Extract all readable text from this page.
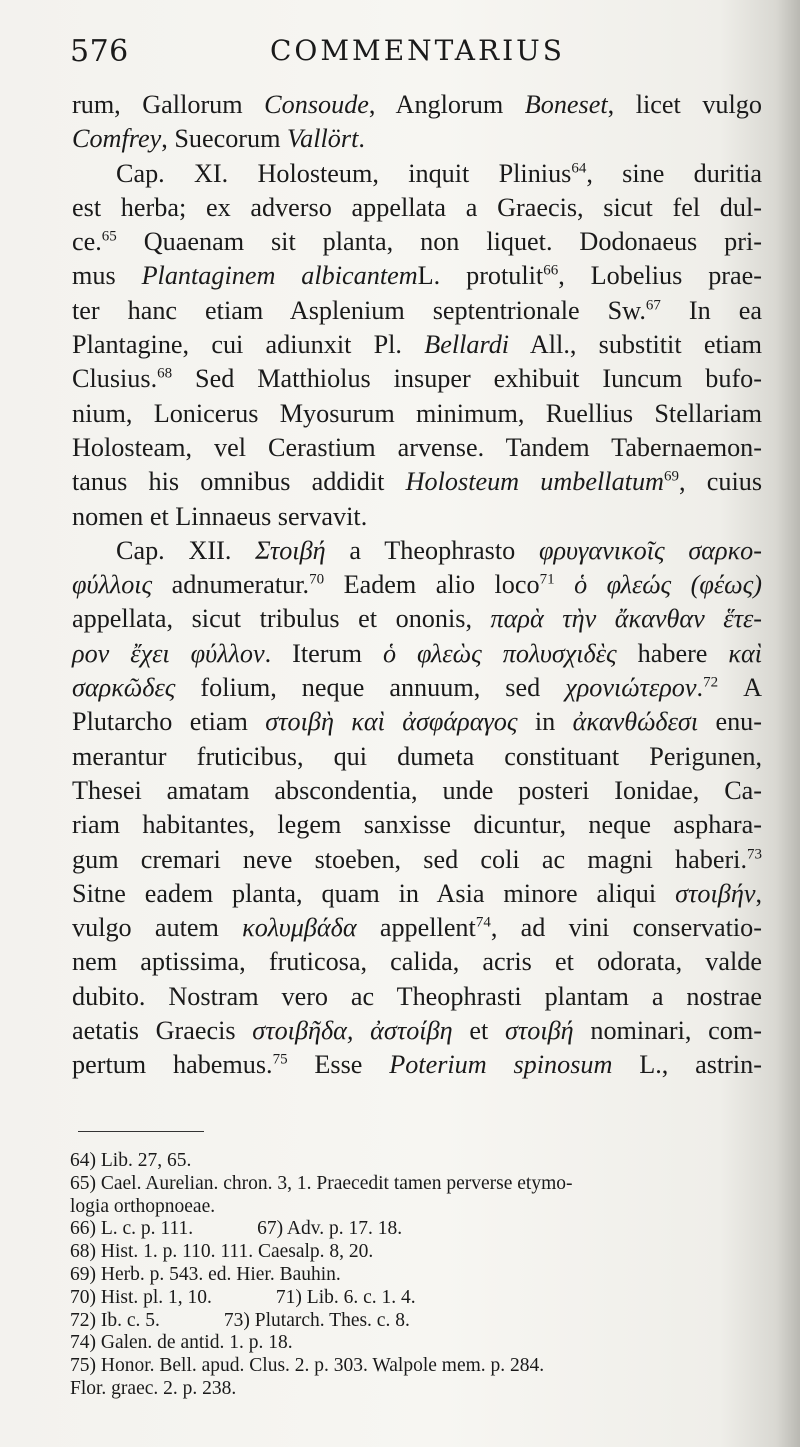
576	COMMENTARIUS
rum, Gallorum Consoude, Anglorum Boneset, licet vulgo
Comfrey, Suecorum Vallört.
Cap. XI. Holosteum, inquit Plinius$^{64}$, sine duritia
est herba; ex adverso appellata a Graecis, sicut fel dul-
ce.$^{65}$ Quaenam sit planta, non liquet. Dodonaeus pri-
mus Plantaginem albicantemL. protulit$^{66}$, Lobelius prae-
ter hanc etiam Asplenium septentrionale Sw.$^{67}$ In ea
Plantagine, cui adiunxit Pl. Bellardi All., substitit etiam
Clusius.$^{68}$ Sed Matthiolus insuper exhibuit Iuncum bufo-
nium, Lonicerus Myosurum minimum, Ruellius Stellariam
Holosteam, vel Cerastium arvense. Tandem Tabernaemon-
tanus his omnibus addidit Holosteum umbellatum$^{69}$, cuius
nomen et Linnaeus servavit.
Cap. XII. Στοιβή a Theophrasto φρυγανικοῖς σαρκο-
φύλλοις adnumeratur.$^{70}$ Eadem alio loco$^{71}$ ὁ φλεώς (φέως)
appellata, sicut tribulus et ononis, παρὰ τὴν ἄκανθαν ἕτε-
ρον ἔχει φύλλον. Iterum ὁ φλεὼς πολυσχιδὲς habere καὶ
σαρκῶδες folium, neque annuum, sed χρονιώτερον.$^{72}$ A
Plutarcho etiam στοιβὴ καὶ ἀσφάραγος in ἀκανθώδεσι enu-
merantur fruticibus, qui dumeta constituant Perigunen,
Thesei amatam abscondentia, unde posteri Ionidae, Ca-
riam habitantes, legem sanxisse dicuntur, neque asphara-
gum cremari neve stoeben, sed coli ac magni haberi.$^{73}$
Sitne eadem planta, quam in Asia minore aliqui στοιβήν,
vulgo autem κολυμβάδα appellent$^{74}$, ad vini conservatio-
nem aptissima, fruticosa, calida, acris et odorata, valde
dubito. Nostram vero ac Theophrasti plantam a nostrae
aetatis Graecis στοιβῆδα, ἀστοίβη et στοιβή nominari, com-
pertum habemus.$^{75}$ Esse Poterium spinosum L., astrin-
64) Lib. 27, 65.
65) Cael. Aurelian. chron. 3, 1. Praecedit tamen perverse etymo-
logia orthopnoeae.
66) L. c. p. 111.	67) Adv. p. 17. 18.
68) Hist. 1. p. 110. 111. Caesalp. 8, 20.
69) Herb. p. 543. ed. Hier. Bauhin.
70) Hist. pl. 1, 10.	71) Lib. 6. c. 1. 4.
72) Ib. c. 5.	73) Plutarch. Thes. c. 8.
74) Galen. de antid. 1. p. 18.
75) Honor. Bell. apud. Clus. 2. p. 303. Walpole mem. p. 284.
Flor. graec. 2. p. 238.
